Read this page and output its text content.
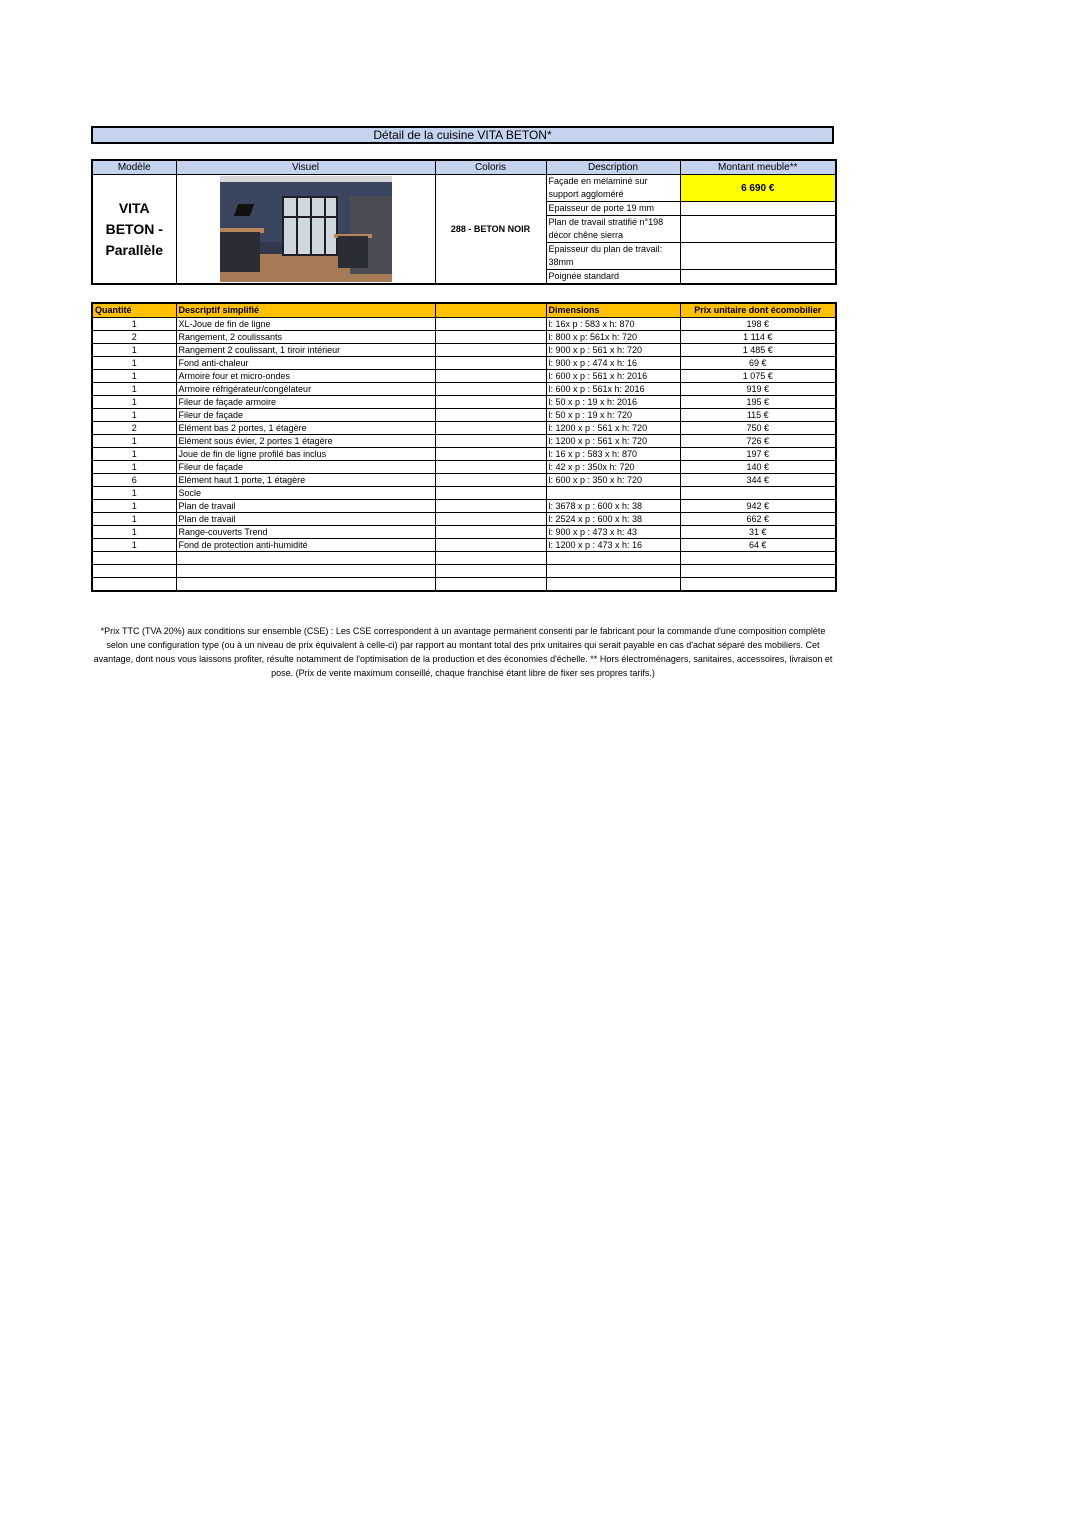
Détail de la cuisine VITA BETON*
Modèle	Visuel	Coloris	Description	Montant meuble**
VITA BETON - Parallèle		288 - BETON NOIR	Façade en mélaminé sur support aggloméré	6 690 €
			Epaisseur de porte 19 mm	
			Plan de travail stratifié n°198 décor chêne sierra	
			Epaisseur du plan de travail: 38mm	
			Poignée standard	
Quantité	Descriptif simplifié		Dimensions	Prix unitaire dont écomobilier
1	XL-Joue de fin de ligne		l: 16x p : 583 x h: 870	198 €
2	Rangement, 2 coulissants		l: 800 x p: 561x h: 720	1 114 €
1	Rangement 2 coulissant, 1 tiroir intérieur		l: 900 x p : 561 x h: 720	1 485 €
1	Fond anti-chaleur		l: 900 x p : 474 x h: 16	69 €
1	Armoire four et micro-ondes		l: 600 x p : 561 x h: 2016	1 075 €
1	Armoire réfrigérateur/congélateur		l: 600 x p : 561x h: 2016	919 €
1	Fileur de façade armoire		l: 50 x p : 19 x h: 2016	195 €
1	Fileur de façade		l: 50 x p : 19 x h: 720	115 €
2	Elément bas 2 portes, 1 étagère		l: 1200 x p : 561 x h: 720	750 €
1	Elément sous évier, 2 portes 1 étagère		l: 1200 x p : 561 x h: 720	726 €
1	Joue de fin de ligne profilé bas inclus		l: 16 x p : 583 x h: 870	197 €
1	Fileur de façade		l: 42 x p : 350x h: 720	140 €
6	Elément haut 1 porte, 1 étagère		l: 600 x p : 350 x h: 720	344 €
1	Socle			
1	Plan de travail		l: 3678 x p : 600 x h: 38	942 €
1	Plan de travail		l: 2524 x p : 600 x h: 38	662 €
1	Range-couverts Trend		l: 900 x p : 473 x h: 43	31 €
1	Fond de protection anti-humidité		l: 1200 x p : 473 x h: 16	64 €

*Prix TTC (TVA 20%) aux conditions sur ensemble (CSE) : Les CSE correspondent à un avantage permanent consenti par le fabricant pour la commande d'une composition complète selon une configuration type (ou à un niveau de prix équivalent à celle-ci) par rapport au montant total des prix unitaires qui serait payable en cas d'achat séparé des mobiliers. Cet avantage, dont nous vous laissons profiter, résulte notamment de l'optimisation de la production et des économies d'échelle. ** Hors électroménagers, sanitaires, accessoires, livraison et pose. (Prix de vente maximum conseillé, chaque franchisé étant libre de fixer ses propres tarifs.)
